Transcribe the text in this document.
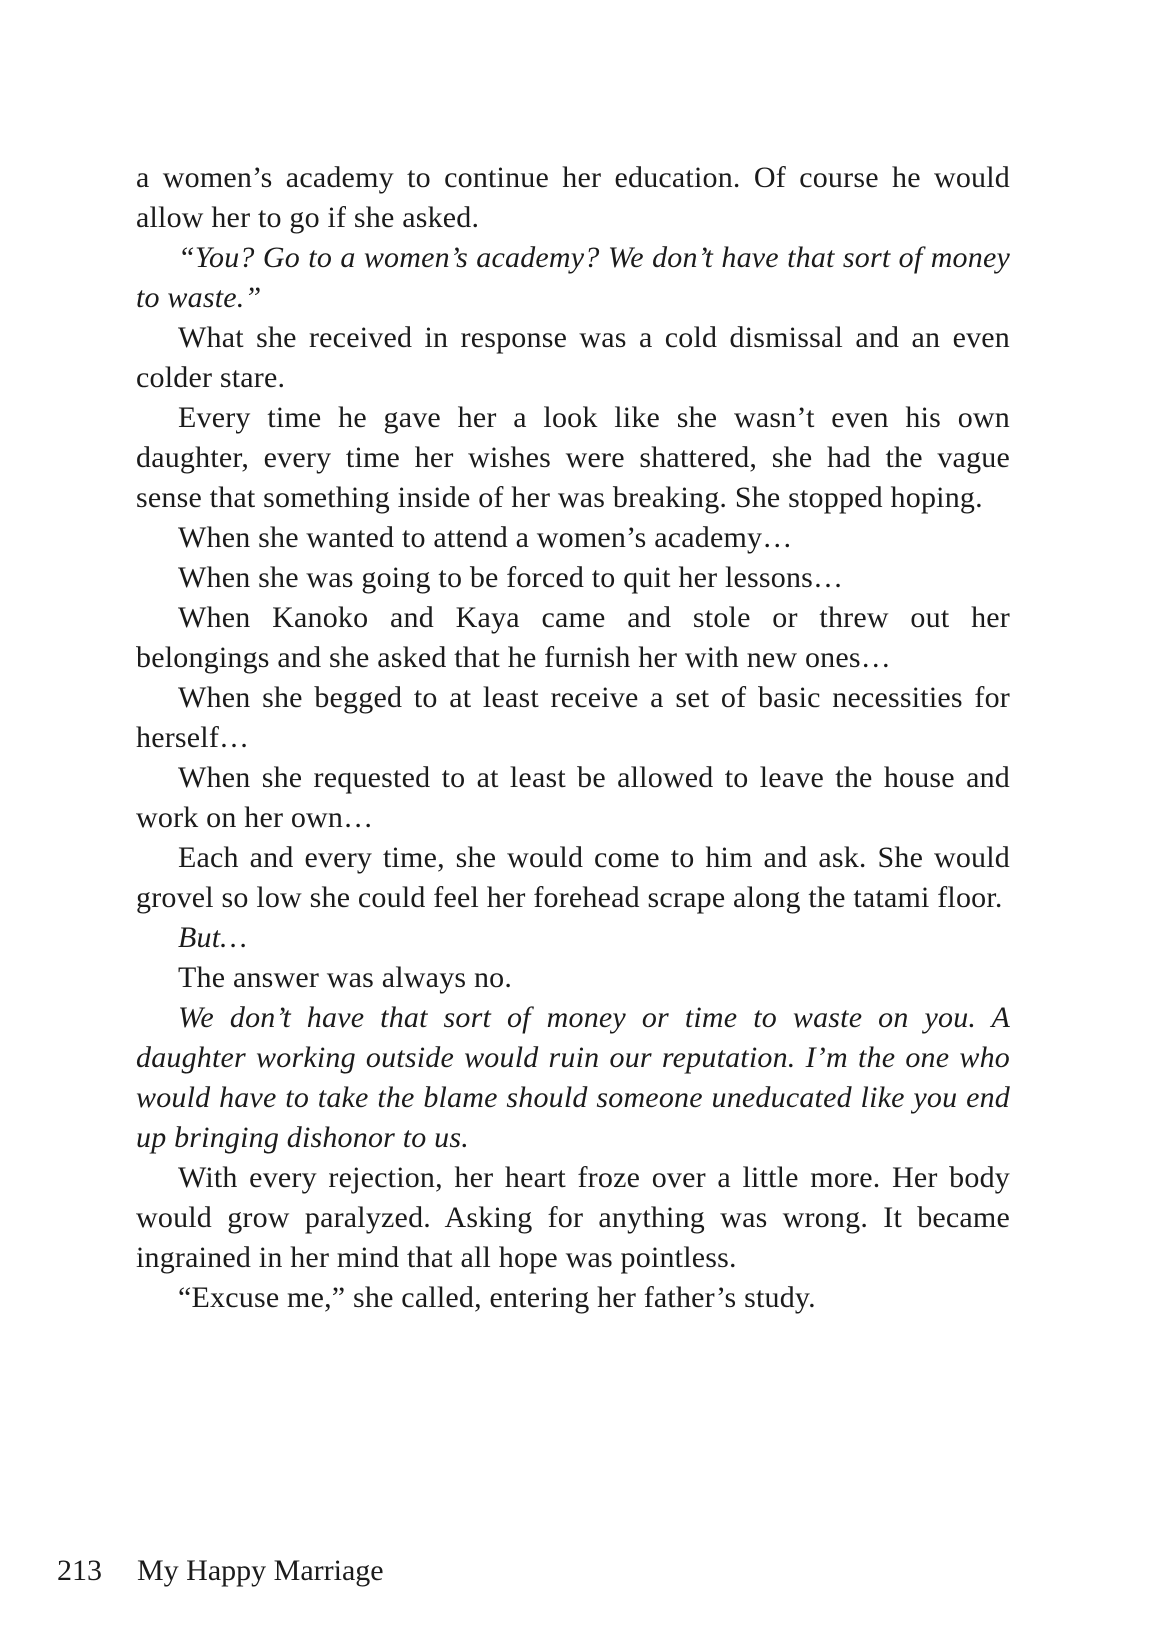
a women’s academy to continue her education. Of course he would allow her to go if she asked.

“You? Go to a women’s academy? We don’t have that sort of money to waste.”

What she received in response was a cold dismissal and an even colder stare.

Every time he gave her a look like she wasn’t even his own daughter, every time her wishes were shattered, she had the vague sense that something inside of her was breaking. She stopped hoping.

When she wanted to attend a women’s academy…

When she was going to be forced to quit her lessons…

When Kanoko and Kaya came and stole or threw out her belongings and she asked that he furnish her with new ones…

When she begged to at least receive a set of basic necessities for herself…

When she requested to at least be allowed to leave the house and work on her own…

Each and every time, she would come to him and ask. She would grovel so low she could feel her forehead scrape along the tatami floor.

But…

The answer was always no.

We don’t have that sort of money or time to waste on you. A daughter working outside would ruin our reputation. I’m the one who would have to take the blame should someone uneducated like you end up bringing dishonor to us.

With every rejection, her heart froze over a little more. Her body would grow paralyzed. Asking for anything was wrong. It became ingrained in her mind that all hope was pointless.

“Excuse me,” she called, entering her father’s study.

213 My Happy Marriage
